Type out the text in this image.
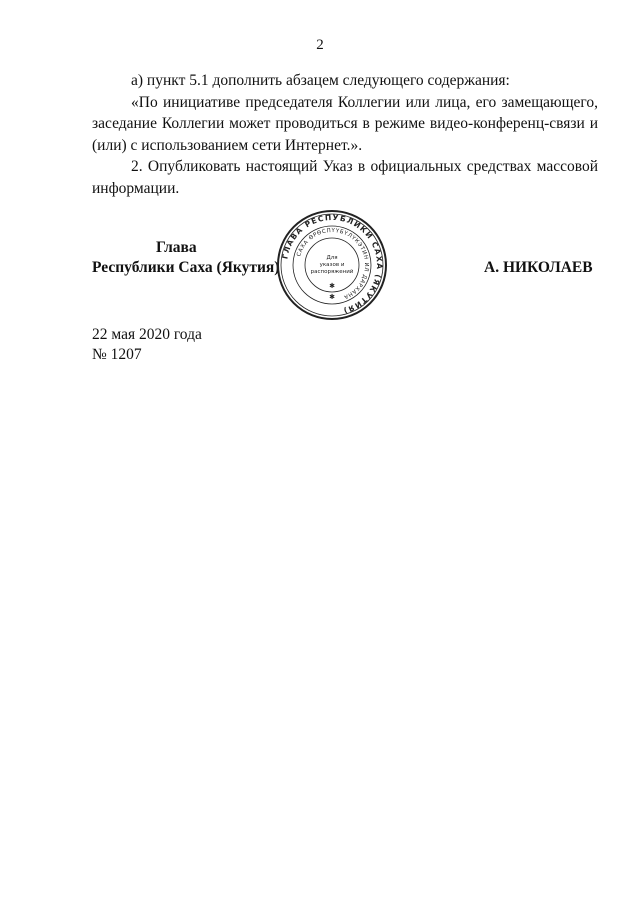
2

а) пункт 5.1 дополнить абзацем следующего содержания:

«По инициативе председателя Коллегии или лица, его замещающего, заседание Коллегии может проводиться в режиме видео-конференц-связи и (или) с использованием сети Интернет.».

2. Опубликовать настоящий Указ в официальных средствах массовой информации.

Глава
Республики Саха (Якутия)
ГЛАВА РЕСПУБЛИКИ САХА (ЯКУТИЯ)
САХА ӨРӨСПҮҮБҮЛҮКЭТИН ИЛ ДАРХАНА
Для
указов и
распоряжений
✱
✱
А. НИКОЛАЕВ
22 мая 2020 года
№ 1207
